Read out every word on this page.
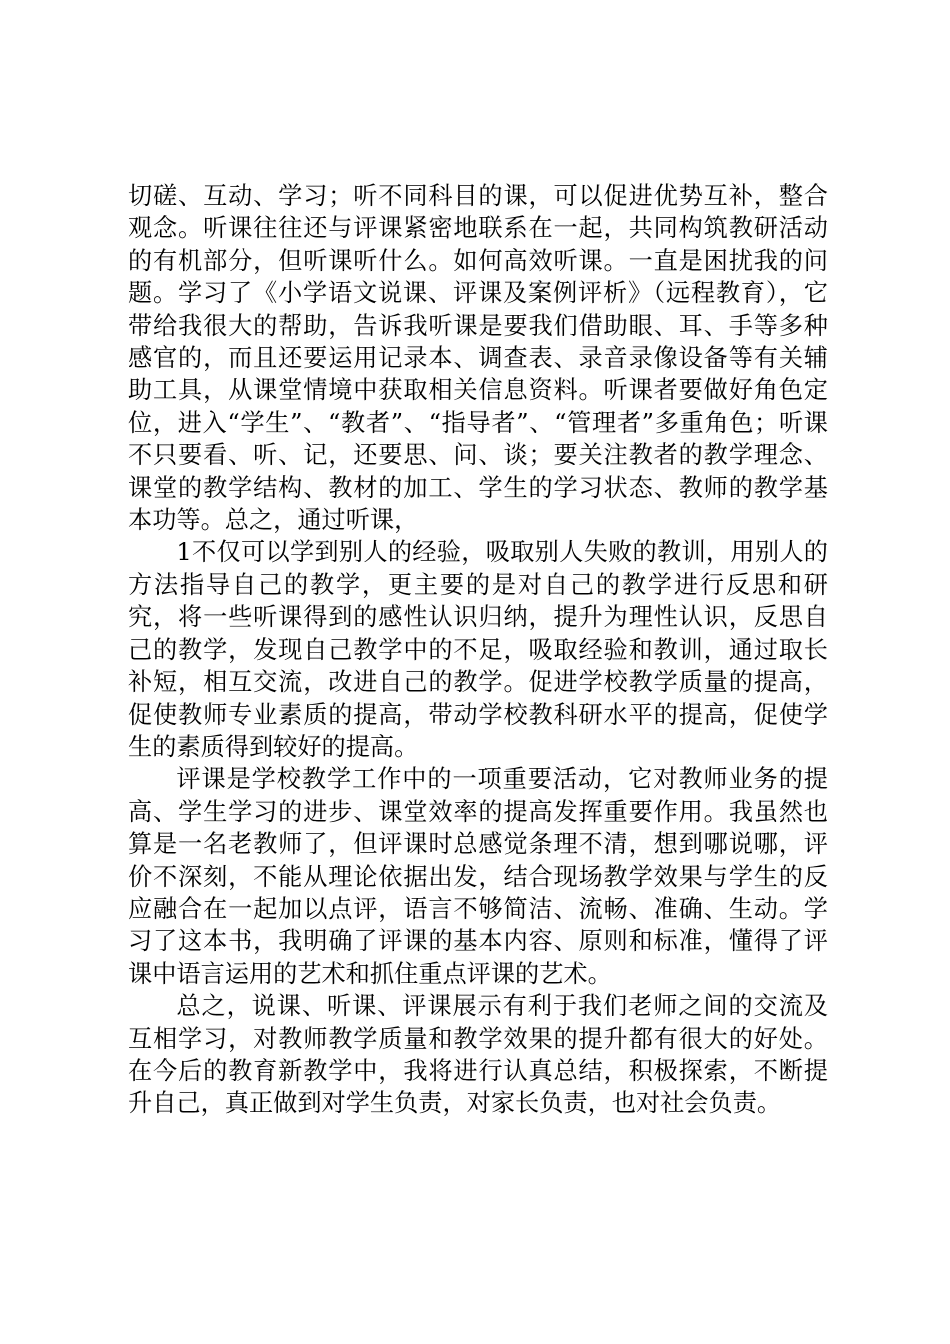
切磋、互动、学习；听不同科目的课，可以促进优势互补，整合观念。听课往往还与评课紧密地联系在一起，共同构筑教研活动的有机部分，但听课听什么。如何高效听课。一直是困扰我的问题。学习了《小学语文说课、评课及案例评析》（远程教育），它带给我很大的帮助，告诉我听课是要我们借助眼、耳、手等多种感官的，而且还要运用记录本、调查表、录音录像设备等有关辅助工具，从课堂情境中获取相关信息资料。听课者要做好角色定位，进入“学生”、“教者”、“指导者”、“管理者”多重角色；听课不只要看、听、记，还要思、问、谈；要关注教者的教学理念、课堂的教学结构、教材的加工、学生的学习状态、教师的教学基本功等。总之，通过听课，

1不仅可以学到别人的经验，吸取别人失败的教训，用别人的方法指导自己的教学，更主要的是对自己的教学进行反思和研究，将一些听课得到的感性认识归纳，提升为理性认识，反思自己的教学，发现自己教学中的不足，吸取经验和教训，通过取长补短，相互交流，改进自己的教学。促进学校教学质量的提高，促使教师专业素质的提高，带动学校教科研水平的提高，促使学生的素质得到较好的提高。

评课是学校教学工作中的一项重要活动，它对教师业务的提高、学生学习的进步、课堂效率的提高发挥重要作用。我虽然也算是一名老教师了，但评课时总感觉条理不清，想到哪说哪，评价不深刻，不能从理论依据出发，结合现场教学效果与学生的反应融合在一起加以点评，语言不够简洁、流畅、准确、生动。学习了这本书，我明确了评课的基本内容、原则和标准，懂得了评课中语言运用的艺术和抓住重点评课的艺术。

总之，说课、听课、评课展示有利于我们老师之间的交流及互相学习，对教师教学质量和教学效果的提升都有很大的好处。在今后的教育新教学中，我将进行认真总结，积极探索，不断提升自己，真正做到对学生负责，对家长负责，也对社会负责。
